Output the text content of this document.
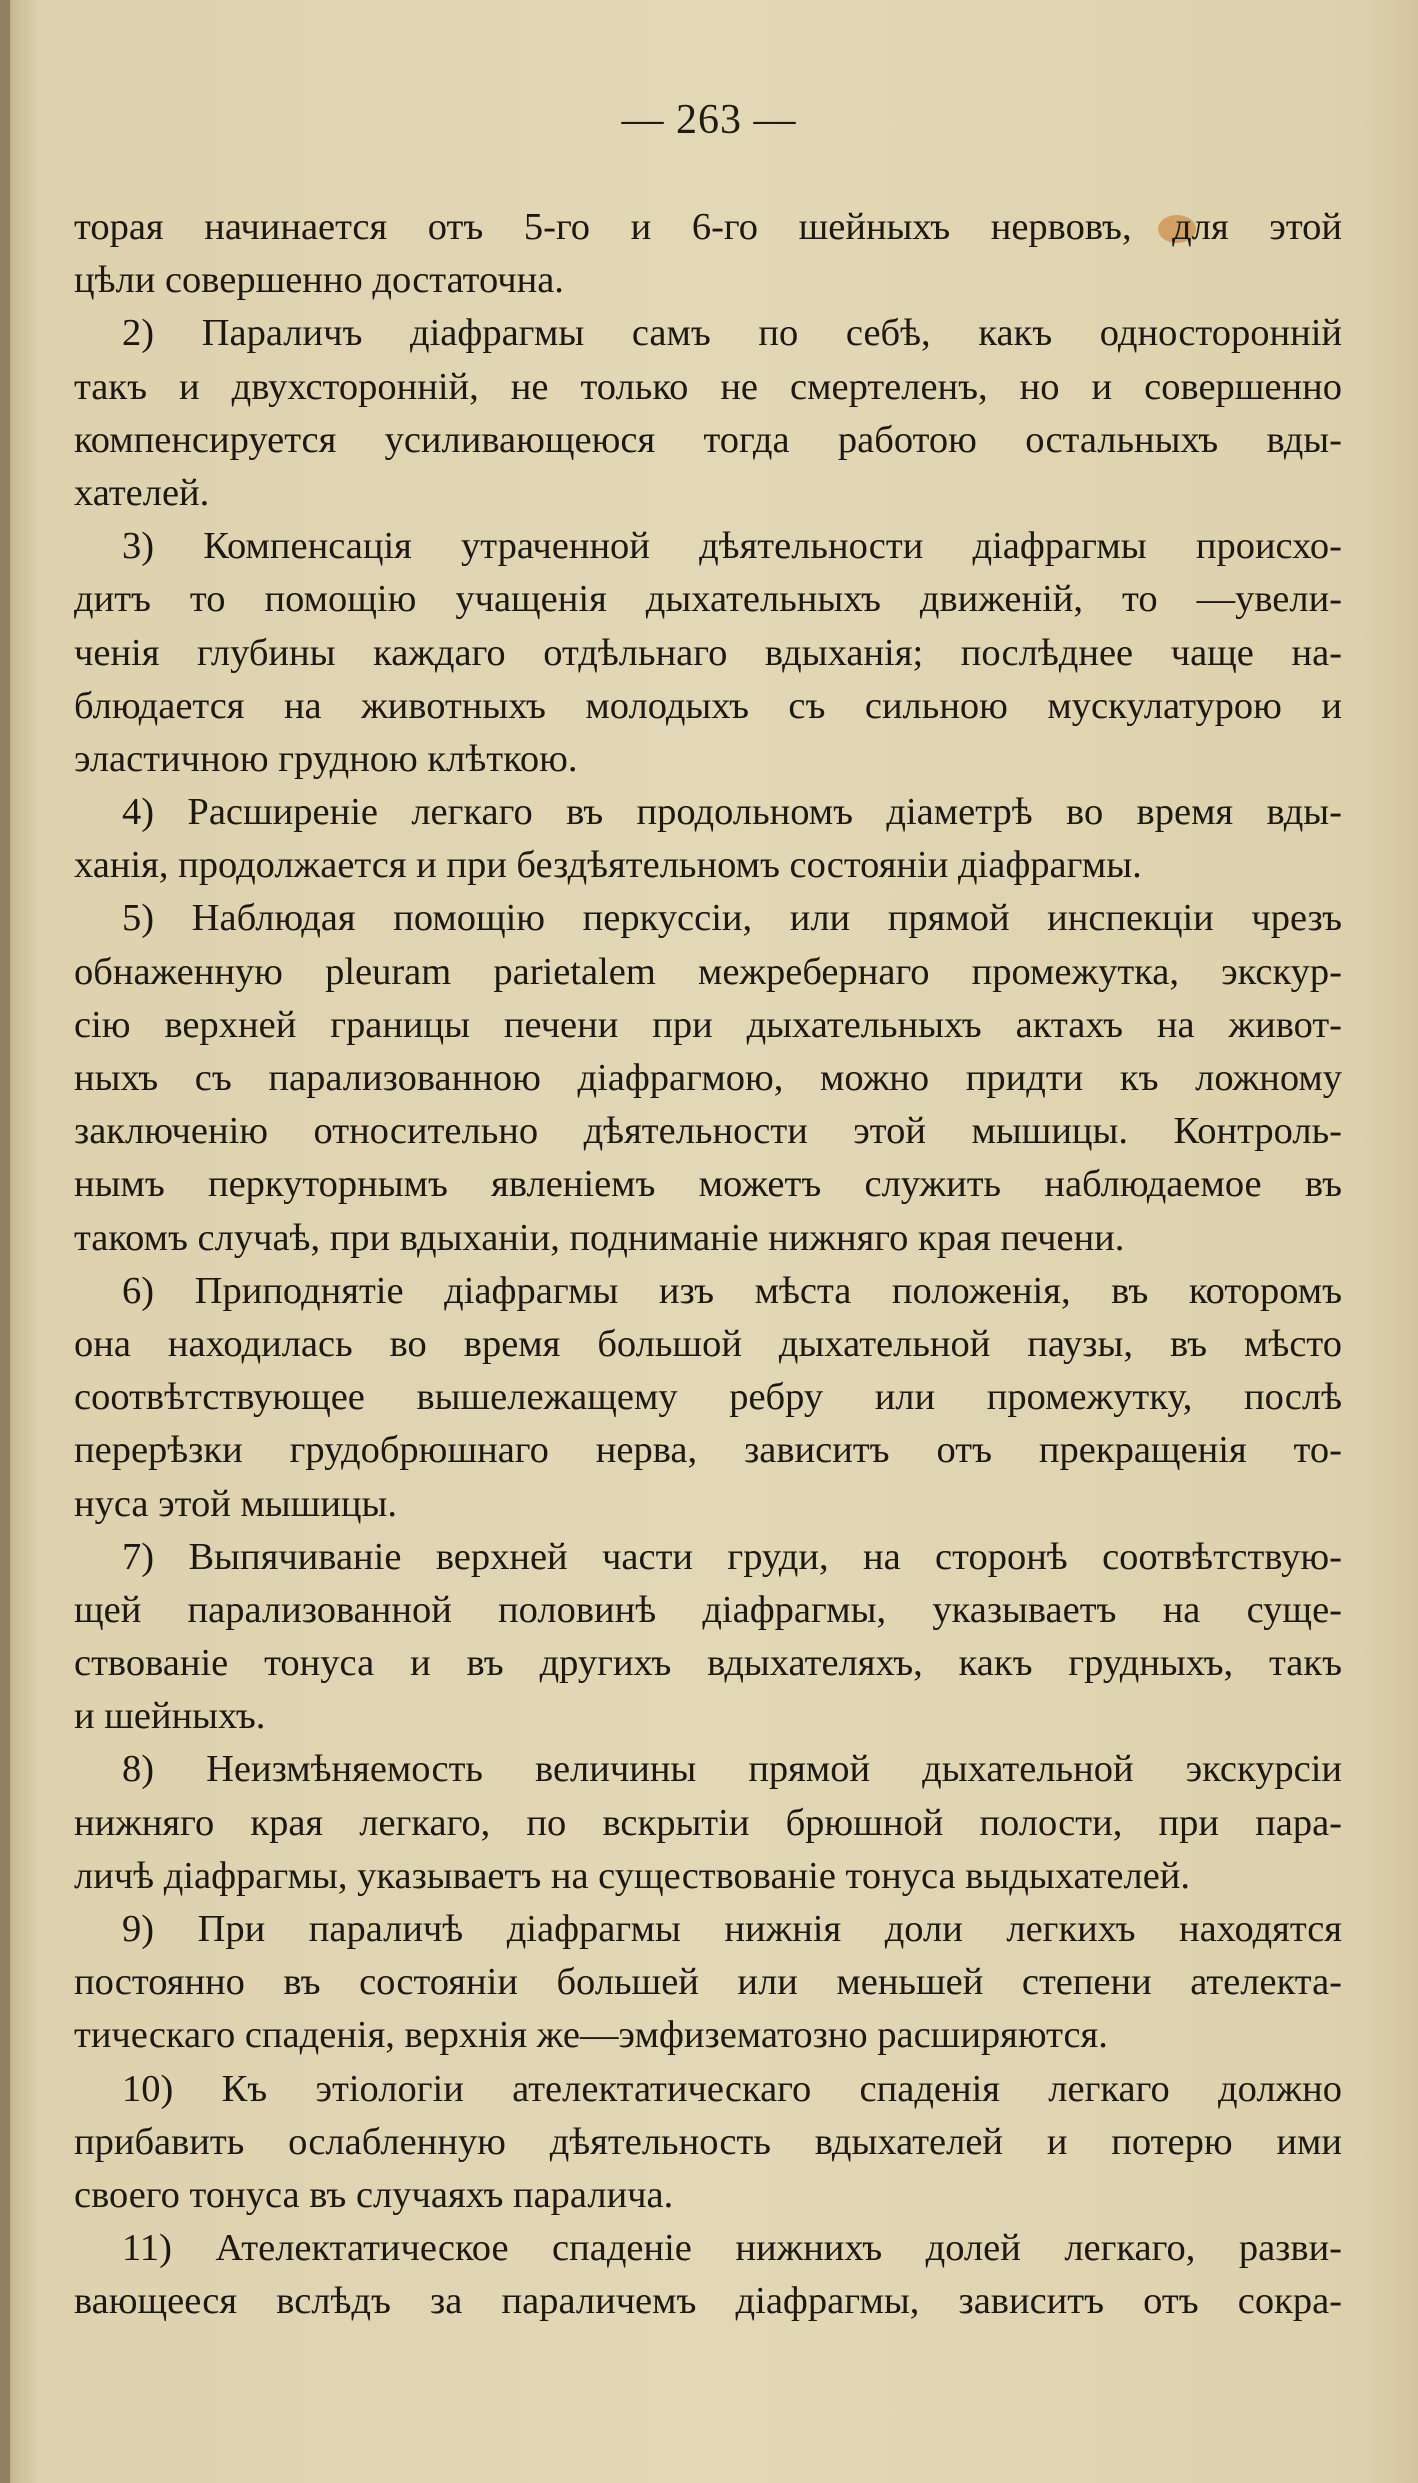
— 263 —
торая начинается отъ 5-го и 6-го шейныхъ нервовъ, для этой
цѣли совершенно достаточна.
2) Параличъ діафрагмы самъ по себѣ, какъ односторонній
такъ и двухсторонній, не только не смертеленъ, но и совершенно
компенсируется усиливающеюся тогда работою остальныхъ вды-
хателей.
3) Компенсація утраченной дѣятельности діафрагмы происхо-
дитъ то помощію учащенія дыхательныхъ движеній, то —увели-
ченія глубины каждаго отдѣльнаго вдыханія; послѣднее чаще на-
блюдается на животныхъ молодыхъ съ сильною мускулатурою и
эластичною грудною клѣткою.
4) Расширеніе легкаго въ продольномъ діаметрѣ во время вды-
ханія, продолжается и при бездѣятельномъ состояніи діафрагмы.
5) Наблюдая помощію перкуссіи, или прямой инспекціи чрезъ
обнаженную pleuram parietalem межребернаго промежутка, экскур-
сію верхней границы печени при дыхательныхъ актахъ на живот-
ныхъ съ парализованною діафрагмою, можно придти къ ложному
заключенію относительно дѣятельности этой мышицы. Контроль-
нымъ перкуторнымъ явленіемъ можетъ служить наблюдаемое въ
такомъ случаѣ, при вдыханіи, подниманіе нижняго края печени.
6) Приподнятіе діафрагмы изъ мѣста положенія, въ которомъ
она находилась во время большой дыхательной паузы, въ мѣсто
соотвѣтствующее вышележащему ребру или промежутку, послѣ
перерѣзки грудобрюшнаго нерва, зависитъ отъ прекращенія то-
нуса этой мышицы.
7) Выпячиваніе верхней части груди, на сторонѣ соотвѣтствую-
щей парализованной половинѣ діафрагмы, указываетъ на суще-
ствованіе тонуса и въ другихъ вдыхателяхъ, какъ грудныхъ, такъ
и шейныхъ.
8) Неизмѣняемость величины прямой дыхательной экскурсіи
нижняго края легкаго, по вскрытіи брюшной полости, при пара-
личѣ діафрагмы, указываетъ на существованіе тонуса выдыхателей.
9) При параличѣ діафрагмы нижнія доли легкихъ находятся
постоянно въ состояніи большей или меньшей степени ателекта-
тическаго спаденія, верхнія же—эмфизематозно расширяются.
10) Къ этіологіи ателектатическаго спаденія легкаго должно
прибавить ослабленную дѣятельность вдыхателей и потерю ими
своего тонуса въ случаяхъ паралича.
11) Ателектатическое спаденіе нижнихъ долей легкаго, разви-
вающееся вслѣдъ за параличемъ діафрагмы, зависитъ отъ сокра-
